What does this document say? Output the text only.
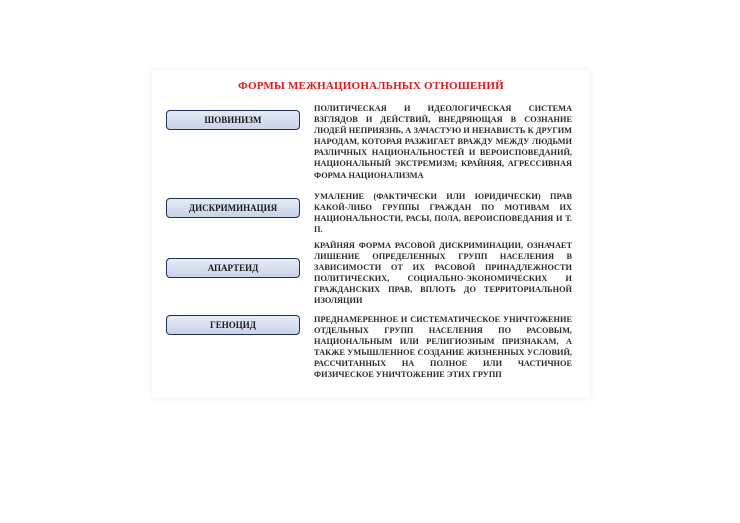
ФОРМЫ МЕЖНАЦИОНАЛЬНЫХ ОТНОШЕНИЙ
ШОВИНИЗМ
ПОЛИТИЧЕСКАЯ И ИДЕОЛОГИЧЕСКАЯ СИСТЕМА ВЗГЛЯДОВ И ДЕЙСТВИЙ, ВНЕДРЯЮЩАЯ В СОЗНАНИЕ ЛЮДЕЙ НЕПРИЯЗНЬ, А ЗАЧАСТУЮ И НЕНАВИСТЬ К ДРУГИМ НАРОДАМ, КОТОРАЯ РАЗЖИГАЕТ ВРАЖДУ МЕЖДУ ЛЮДЬМИ РАЗЛИЧНЫХ НАЦИОНАЛЬНОСТЕЙ И ВЕРОИСПОВЕДАНИЙ, НАЦИОНАЛЬНЫЙ ЭКСТРЕМИЗМ; КРАЙНЯЯ, АГРЕССИВНАЯ ФОРМА НАЦИОНАЛИЗМА
ДИСКРИМИНАЦИЯ
УМАЛЕНИЕ (ФАКТИЧЕСКИ ИЛИ ЮРИДИЧЕСКИ) ПРАВ КАКОЙ-ЛИБО ГРУППЫ ГРАЖДАН ПО МОТИВАМ ИХ НАЦИОНАЛЬНОСТИ, РАСЫ, ПОЛА, ВЕРОИСПОВЕДАНИЯ И Т. П.
АПАРТЕИД
КРАЙНЯЯ ФОРМА РАСОВОЙ ДИСКРИМИНАЦИИ, ОЗНАЧАЕТ ЛИШЕНИЕ ОПРЕДЕЛЕННЫХ ГРУПП НАСЕЛЕНИЯ В ЗАВИСИМОСТИ ОТ ИХ РАСОВОЙ ПРИНАДЛЕЖНОСТИ ПОЛИТИЧЕСКИХ, СОЦИАЛЬНО-ЭКОНОМИЧЕСКИХ И ГРАЖДАНСКИХ ПРАВ, ВПЛОТЬ ДО ТЕРРИТОРИАЛЬНОЙ ИЗОЛЯЦИИ
ГЕНОЦИД
ПРЕДНАМЕРЕННОЕ И СИСТЕМАТИЧЕСКОЕ УНИЧТОЖЕНИЕ ОТДЕЛЬНЫХ ГРУПП НАСЕЛЕНИЯ ПО РАСОВЫМ, НАЦИОНАЛЬНЫМ ИЛИ РЕЛИГИОЗНЫМ ПРИЗНАКАМ, А ТАКЖЕ УМЫШЛЕННОЕ СОЗДАНИЕ ЖИЗНЕННЫХ УСЛОВИЙ, РАССЧИТАННЫХ НА ПОЛНОЕ ИЛИ ЧАСТИЧНОЕ ФИЗИЧЕСКОЕ УНИЧТОЖЕНИЕ ЭТИХ ГРУПП
